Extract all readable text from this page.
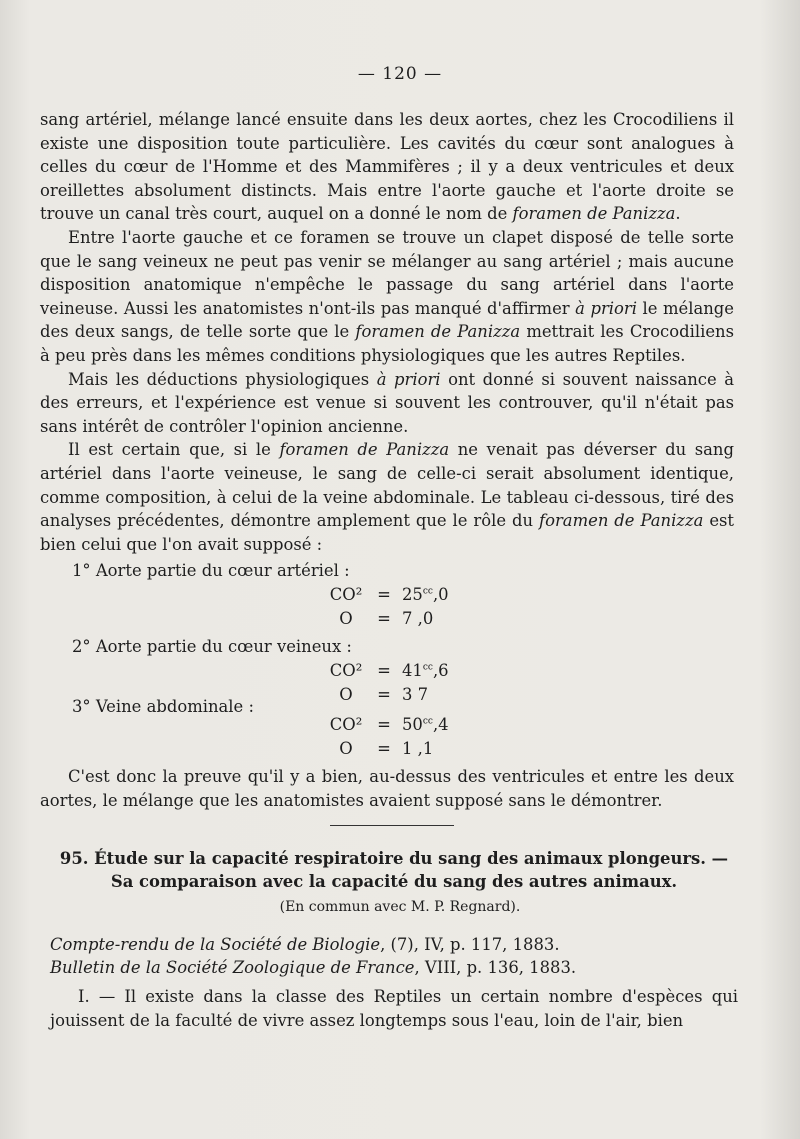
— 120 —

sang artériel, mélange lancé ensuite dans les deux aortes, chez les Crocodiliens il existe une disposition toute particulière. Les cavités du cœur sont analogues à celles du cœur de l'Homme et des Mammifères ; il y a deux ventricules et deux oreillettes absolument distincts. Mais entre l'aorte gauche et l'aorte droite se trouve un canal très court, auquel on a donné le nom de foramen de Panizza.

Entre l'aorte gauche et ce foramen se trouve un clapet disposé de telle sorte que le sang veineux ne peut pas venir se mélanger au sang artériel ; mais aucune disposition anatomique n'empêche le passage du sang artériel dans l'aorte veineuse. Aussi les anatomistes n'ont-ils pas manqué d'affirmer à priori le mélange des deux sangs, de telle sorte que le foramen de Panizza mettrait les Crocodiliens à peu près dans les mêmes conditions physiologiques que les autres Reptiles.

Mais les déductions physiologiques à priori ont donné si souvent naissance à des erreurs, et l'expérience est venue si souvent les controuver, qu'il n'était pas sans intérêt de contrôler l'opinion ancienne.

Il est certain que, si le foramen de Panizza ne venait pas déverser du sang artériel dans l'aorte veineuse, le sang de celle-ci serait absolument identique, comme composition, à celui de la veine abdominale. Le tableau ci-dessous, tiré des analyses précédentes, démontre amplement que le rôle du foramen de Panizza est bien celui que l'on avait supposé :

1° Aorte partie du cœur artériel :
$CO^2 = 25^{cc},0$
O = 7 ,0
2° Aorte partie du cœur veineux :
$CO^2 = 41^{cc},6$
O = 3 7
3° Veine abdominale :
$CO^2 = 50^{cc},4$
O = 1 ,1

C'est donc la preuve qu'il y a bien, au-dessus des ventricules et entre les deux aortes, le mélange que les anatomistes avaient supposé sans le démontrer.

95. Étude sur la capacité respiratoire du sang des animaux plongeurs. —
Sa comparaison avec la capacité du sang des autres animaux.
(En commun avec M. P. Regnard).
Compte-rendu de la Société de Biologie, (7), IV, p. 117, 1883.
Bulletin de la Société Zoologique de France, VIII, p. 136, 1883.

I. — Il existe dans la classe des Reptiles un certain nombre d'espèces qui jouissent de la faculté de vivre assez longtemps sous l'eau, loin de l'air, bien
